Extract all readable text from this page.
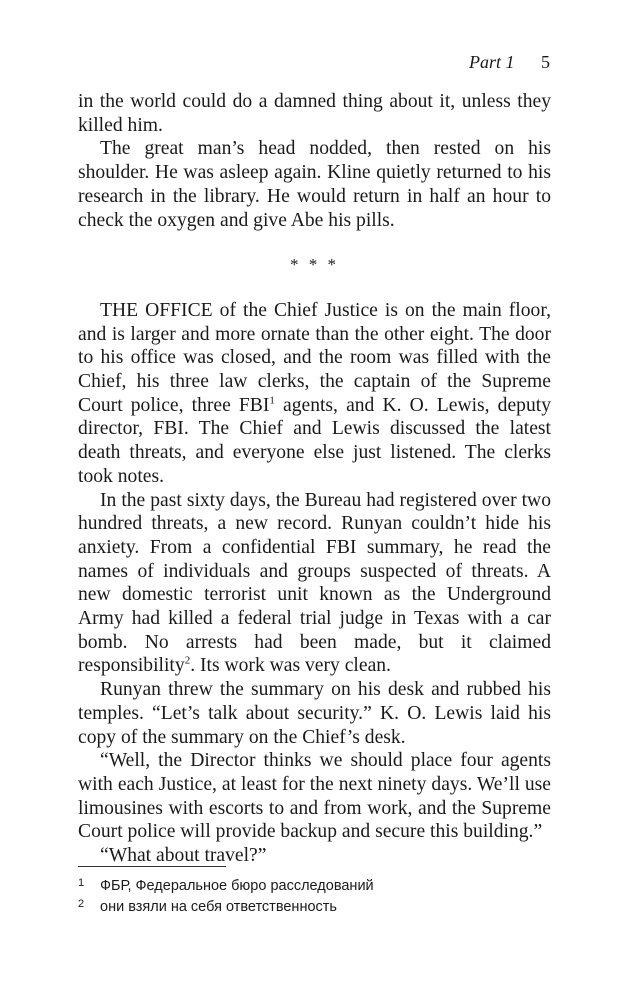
Part 1 5

in the world could do a damned thing about it, unless they killed him.

The great man’s head nodded, then rested on his shoulder. He was asleep again. Kline quietly returned to his research in the library. He would return in half an hour to check the oxygen and give Abe his pills.

* * *

THE OFFICE of the Chief Justice is on the main floor, and is larger and more ornate than the other eight. The door to his office was closed, and the room was filled with the Chief, his three law clerks, the captain of the Supreme Court police, three FBI$^1$ agents, and K. O. Lewis, deputy director, FBI. The Chief and Lewis discussed the latest death threats, and everyone else just listened. The clerks took notes.

In the past sixty days, the Bureau had registered over two hundred threats, a new record. Runyan couldn’t hide his anxiety. From a confidential FBI summary, he read the names of individuals and groups suspected of threats. A new domestic terrorist unit known as the Underground Army had killed a federal trial judge in Texas with a car bomb. No arrests had been made, but it claimed responsibility$^2$. Its work was very clean.

Runyan threw the summary on his desk and rubbed his temples. “Let’s talk about security.” K. O. Lewis laid his copy of the summary on the Chief’s desk.

“Well, the Director thinks we should place four agents with each Justice, at least for the next ninety days. We’ll use limousines with escorts to and from work, and the Supreme Court police will provide backup and secure this building.”

“What about travel?”

1	ФБР, Федеральное бюро расследований
2	они взяли на себя ответственность
